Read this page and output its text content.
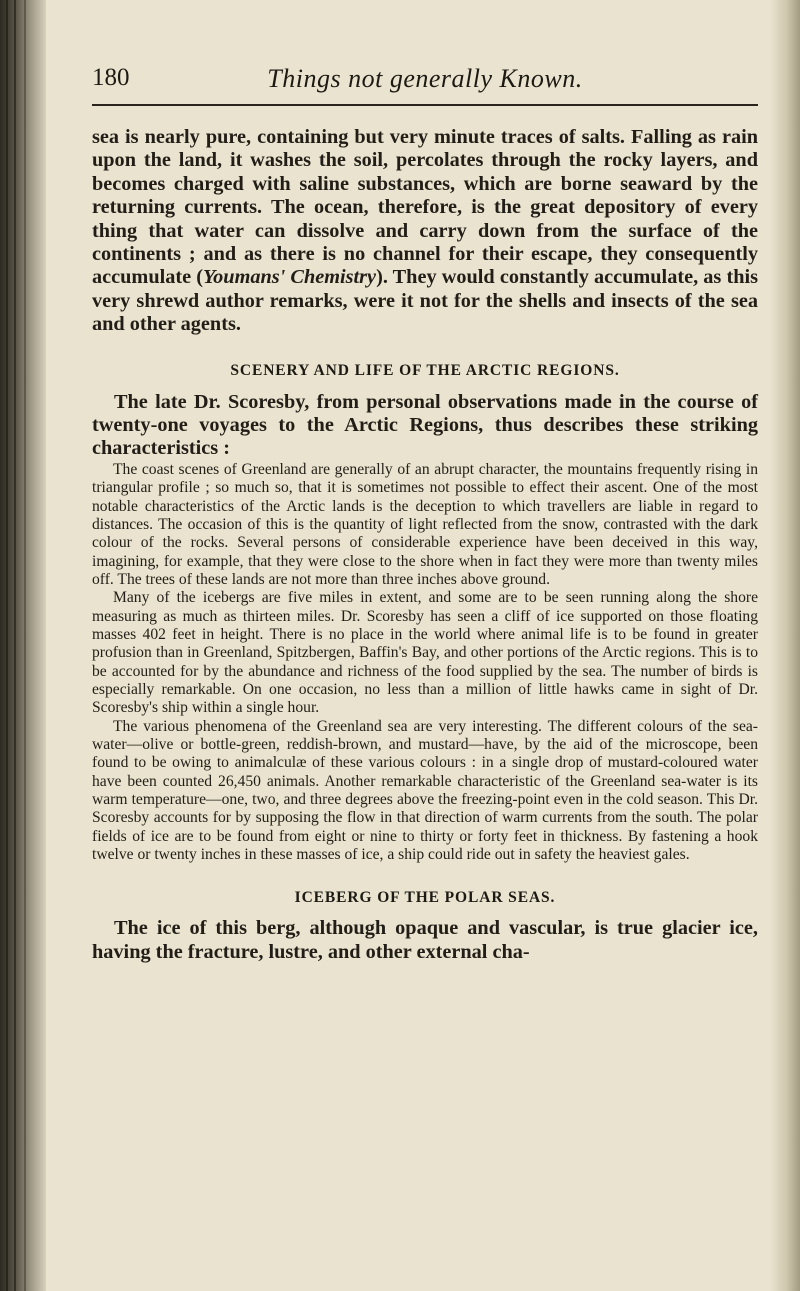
180	Things not generally Known.

sea is nearly pure, containing but very minute traces of salts. Falling as rain upon the land, it washes the soil, percolates through the rocky layers, and becomes charged with saline substances, which are borne seaward by the returning currents. The ocean, therefore, is the great depository of every thing that water can dissolve and carry down from the surface of the continents ; and as there is no channel for their escape, they consequently accumulate (Youmans' Chemistry). They would constantly accumulate, as this very shrewd author remarks, were it not for the shells and insects of the sea and other agents.

SCENERY AND LIFE OF THE ARCTIC REGIONS.

The late Dr. Scoresby, from personal observations made in the course of twenty-one voyages to the Arctic Regions, thus describes these striking characteristics :

The coast scenes of Greenland are generally of an abrupt character, the mountains frequently rising in triangular profile ; so much so, that it is sometimes not possible to effect their ascent. One of the most notable characteristics of the Arctic lands is the deception to which travellers are liable in regard to distances. The occasion of this is the quantity of light reflected from the snow, contrasted with the dark colour of the rocks. Several persons of considerable experience have been deceived in this way, imagining, for example, that they were close to the shore when in fact they were more than twenty miles off. The trees of these lands are not more than three inches above ground.

Many of the icebergs are five miles in extent, and some are to be seen running along the shore measuring as much as thirteen miles. Dr. Scoresby has seen a cliff of ice supported on those floating masses 402 feet in height. There is no place in the world where animal life is to be found in greater profusion than in Greenland, Spitzbergen, Baffin's Bay, and other portions of the Arctic regions. This is to be accounted for by the abundance and richness of the food supplied by the sea. The number of birds is especially remarkable. On one occasion, no less than a million of little hawks came in sight of Dr. Scoresby's ship within a single hour.

The various phenomena of the Greenland sea are very interesting. The different colours of the sea-water—olive or bottle-green, reddish-brown, and mustard—have, by the aid of the microscope, been found to be owing to animalculæ of these various colours : in a single drop of mustard-coloured water have been counted 26,450 animals. Another remarkable characteristic of the Greenland sea-water is its warm temperature—one, two, and three degrees above the freezing-point even in the cold season. This Dr. Scoresby accounts for by supposing the flow in that direction of warm currents from the south. The polar fields of ice are to be found from eight or nine to thirty or forty feet in thickness. By fastening a hook twelve or twenty inches in these masses of ice, a ship could ride out in safety the heaviest gales.

ICEBERG OF THE POLAR SEAS.

The ice of this berg, although opaque and vascular, is true glacier ice, having the fracture, lustre, and other external cha-
